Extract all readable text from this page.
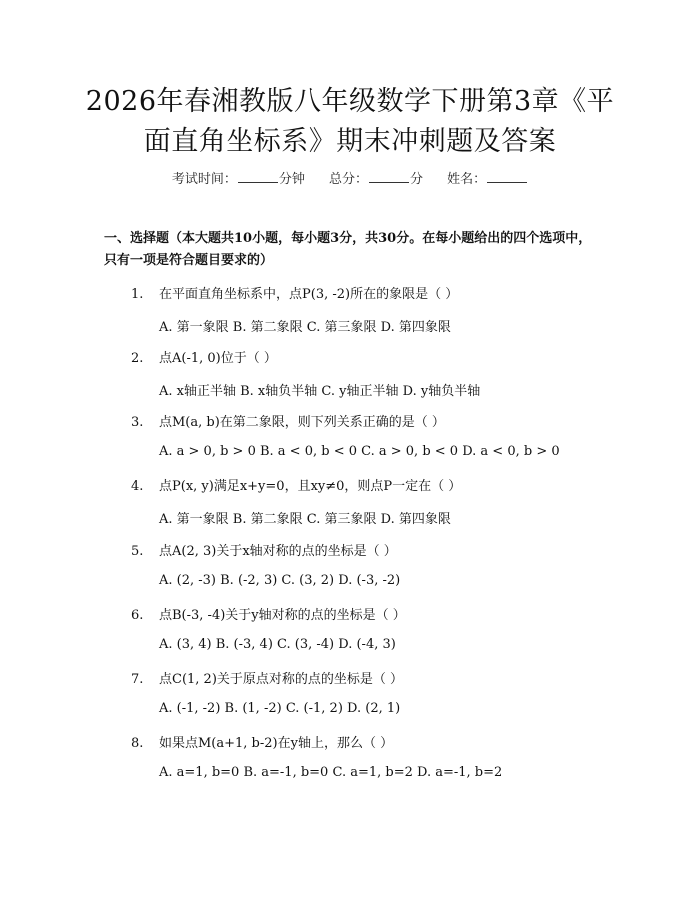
2026年春湘教版八年级数学下册第3章《平
面直角坐标系》期末冲刺题及答案
考试时间：	分钟 总分：	分 姓名：
一、选择题（本大题共10小题，每小题3分，共30分。在每小题给出的四个选项中，只有一项是符合题目要求的）
1. 在平面直角坐标系中，点P(3, -2)所在的象限是（ ）
A. 第一象限 B. 第二象限 C. 第三象限 D. 第四象限
2. 点A(-1, 0)位于（ ）
A. x轴正半轴 B. x轴负半轴 C. y轴正半轴 D. y轴负半轴
3. 点M(a, b)在第二象限，则下列关系正确的是（ ）
A. a > 0, b > 0 B. a < 0, b < 0 C. a > 0, b < 0 D. a < 0, b > 0
4. 点P(x, y)满足x+y=0，且xy≠0，则点P一定在（ ）
A. 第一象限 B. 第二象限 C. 第三象限 D. 第四象限
5. 点A(2, 3)关于x轴对称的点的坐标是（ ）
A. (2, -3) B. (-2, 3) C. (3, 2) D. (-3, -2)
6. 点B(-3, -4)关于y轴对称的点的坐标是（ ）
A. (3, 4) B. (-3, 4) C. (3, -4) D. (-4, 3)
7. 点C(1, 2)关于原点对称的点的坐标是（ ）
A. (-1, -2) B. (1, -2) C. (-1, 2) D. (2, 1)
8. 如果点M(a+1, b-2)在y轴上，那么（ ）
A. a=1, b=0 B. a=-1, b=0 C. a=1, b=2 D. a=-1, b=2
